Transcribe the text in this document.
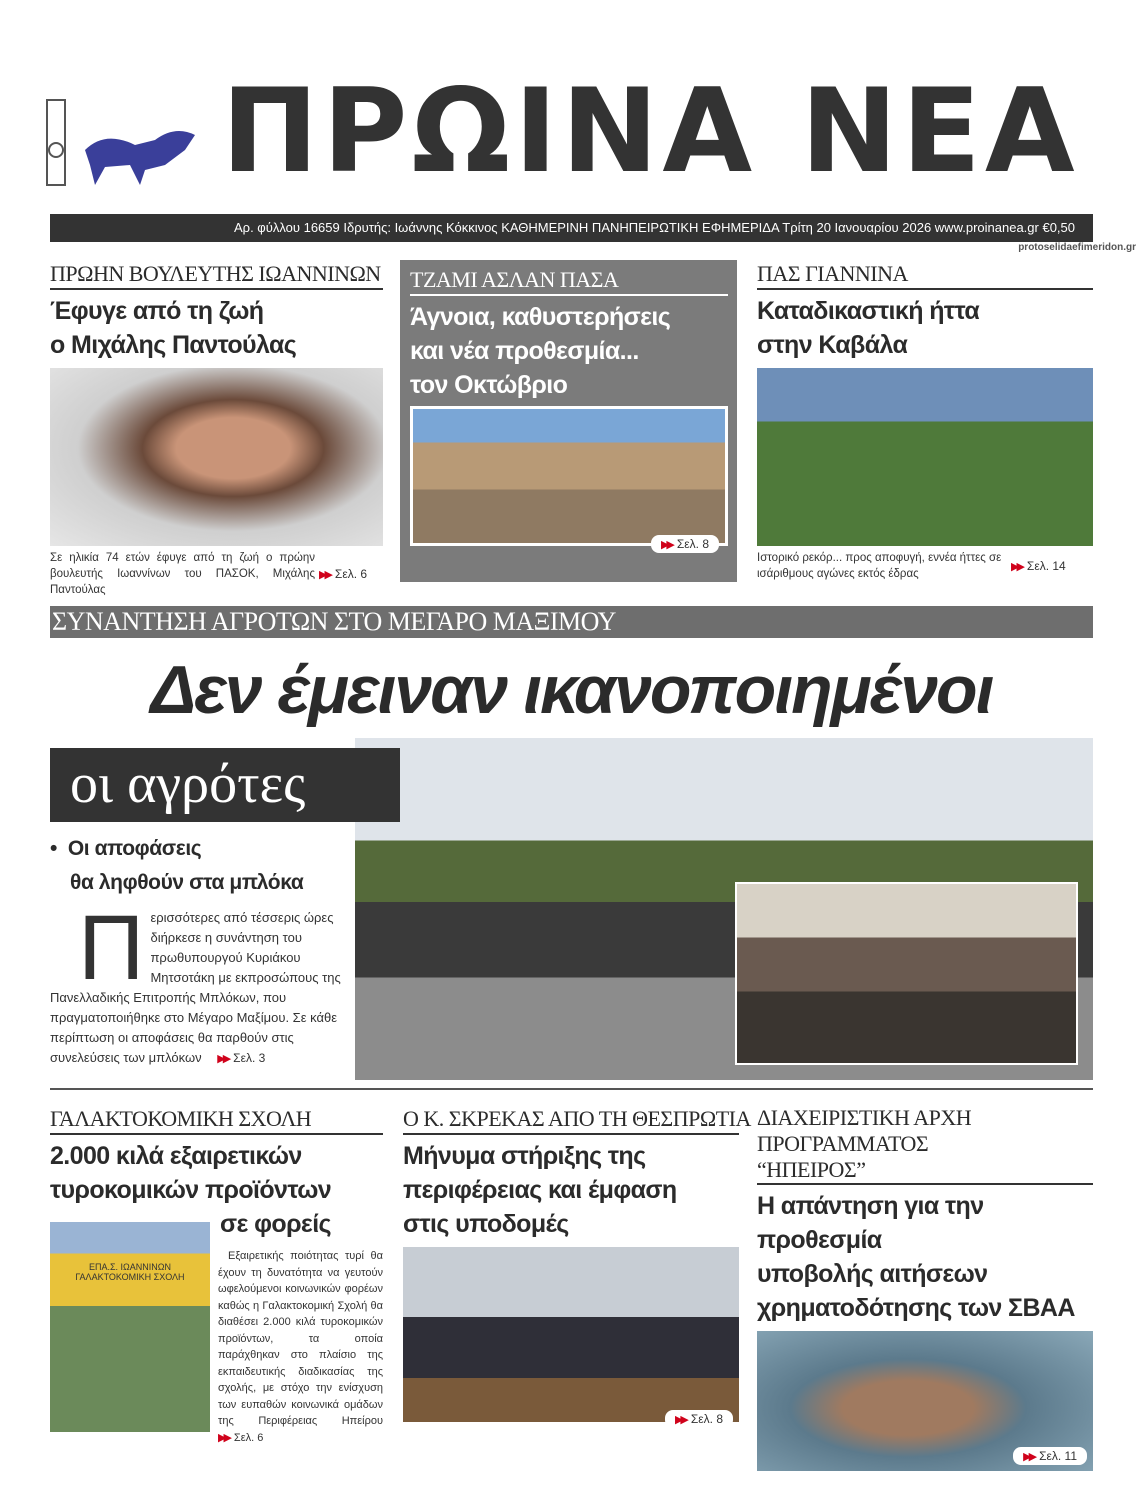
ΠΡΩΙΝΑ ΝΕΑ
Αρ. φύλλου 16659 Ιδρυτής: Ιωάννης Κόκκινος ΚΑΘΗΜΕΡΙΝΗ ΠΑΝΗΠΕΙΡΩΤΙΚΗ ΕΦΗΜΕΡΙΔΑ Τρίτη 20 Ιανουαρίου 2026 www.proinanea.gr €0,50
protoselidaefimeridon.gr
ΠΡΩΗΝ ΒΟΥΛΕΥΤΗΣ ΙΩΑΝΝΙΝΩΝ
Έφυγε από τη ζωή
ο Μιχάλης Παντούλας
Σε ηλικία 74 ετών έφυγε από τη ζωή ο πρώην βουλευτής Ιωαννίνων του ΠΑΣΟΚ, Μιχάλης Παντούλας
▶▶ Σελ. 6
ΤΖΑΜΙ ΑΣΛΑΝ ΠΑΣΑ
Άγνοια, καθυστερήσεις
και νέα προθεσμία...
τον Οκτώβριο
▶▶ Σελ. 8
ΠΑΣ ΓΙΑΝΝΙΝΑ
Καταδικαστική ήττα
στην Καβάλα
Ιστορικό ρεκόρ... προς αποφυγή, εννέα ήττες σε ισάριθμους αγώνες εκτός έδρας
▶▶ Σελ. 14
ΣΥΝΑΝΤΗΣΗ ΑΓΡΟΤΩΝ ΣΤΟ ΜΕΓΑΡΟ ΜΑΞΙΜΟΥ
Δεν έμειναν ικανοποιημένοι
οι αγρότες
•  Οι αποφάσεις
θα ληφθούν στα μπλόκα
Περισσότερες από τέσσερις ώρες διήρκεσε η συνάντηση του πρωθυπουργού Κυριάκου Μητσοτάκη με εκπροσώπους της Πανελλαδικής Επιτροπής Μπλόκων, που πραγματοποιήθηκε στο Μέγαρο Μαξίμου. Σε κάθε περίπτωση οι αποφάσεις θα παρθούν στις συνελεύσεις των μπλόκων ▶▶ Σελ. 3
ΓΑΛΑΚΤΟΚΟΜΙΚΗ ΣΧΟΛΗ
2.000 κιλά εξαιρετικών
τυροκομικών προϊόντων
σε φορείς
ΕΠΑ.Σ. ΙΩΑΝΝΙΝΩΝ ΓΑΛΑΚΤΟΚΟΜΙΚΗ ΣΧΟΛΗ
Εξαιρετικής ποιότητας τυρί θα έχουν τη δυνατότητα να γευτούν ωφελούμενοι κοινωνικών φορέων καθώς η Γαλακτοκομική Σχολή θα διαθέσει 2.000 κιλά τυροκομικών προϊόντων, τα οποία παράχθηκαν στο πλαίσιο της εκπαιδευτικής διαδικασίας της σχολής, με στόχο την ενίσχυση των ευπαθών κοινωνικά ομάδων της Περιφέρειας Ηπείρου ▶▶ Σελ. 6
Ο Κ. ΣΚΡΕΚΑΣ ΑΠΟ ΤΗ ΘΕΣΠΡΩΤΙΑ
Μήνυμα στήριξης της
περιφέρειας και έμφαση
στις υποδομές
▶▶ Σελ. 8
ΔΙΑΧΕΙΡΙΣΤΙΚΗ ΑΡΧΗ ΠΡΟΓΡΑΜΜΑΤΟΣ
“ΗΠΕΙΡΟΣ”
Η απάντηση για την προθεσμία
υποβολής αιτήσεων
χρηματοδότησης των ΣΒΑΑ
▶▶ Σελ. 11
